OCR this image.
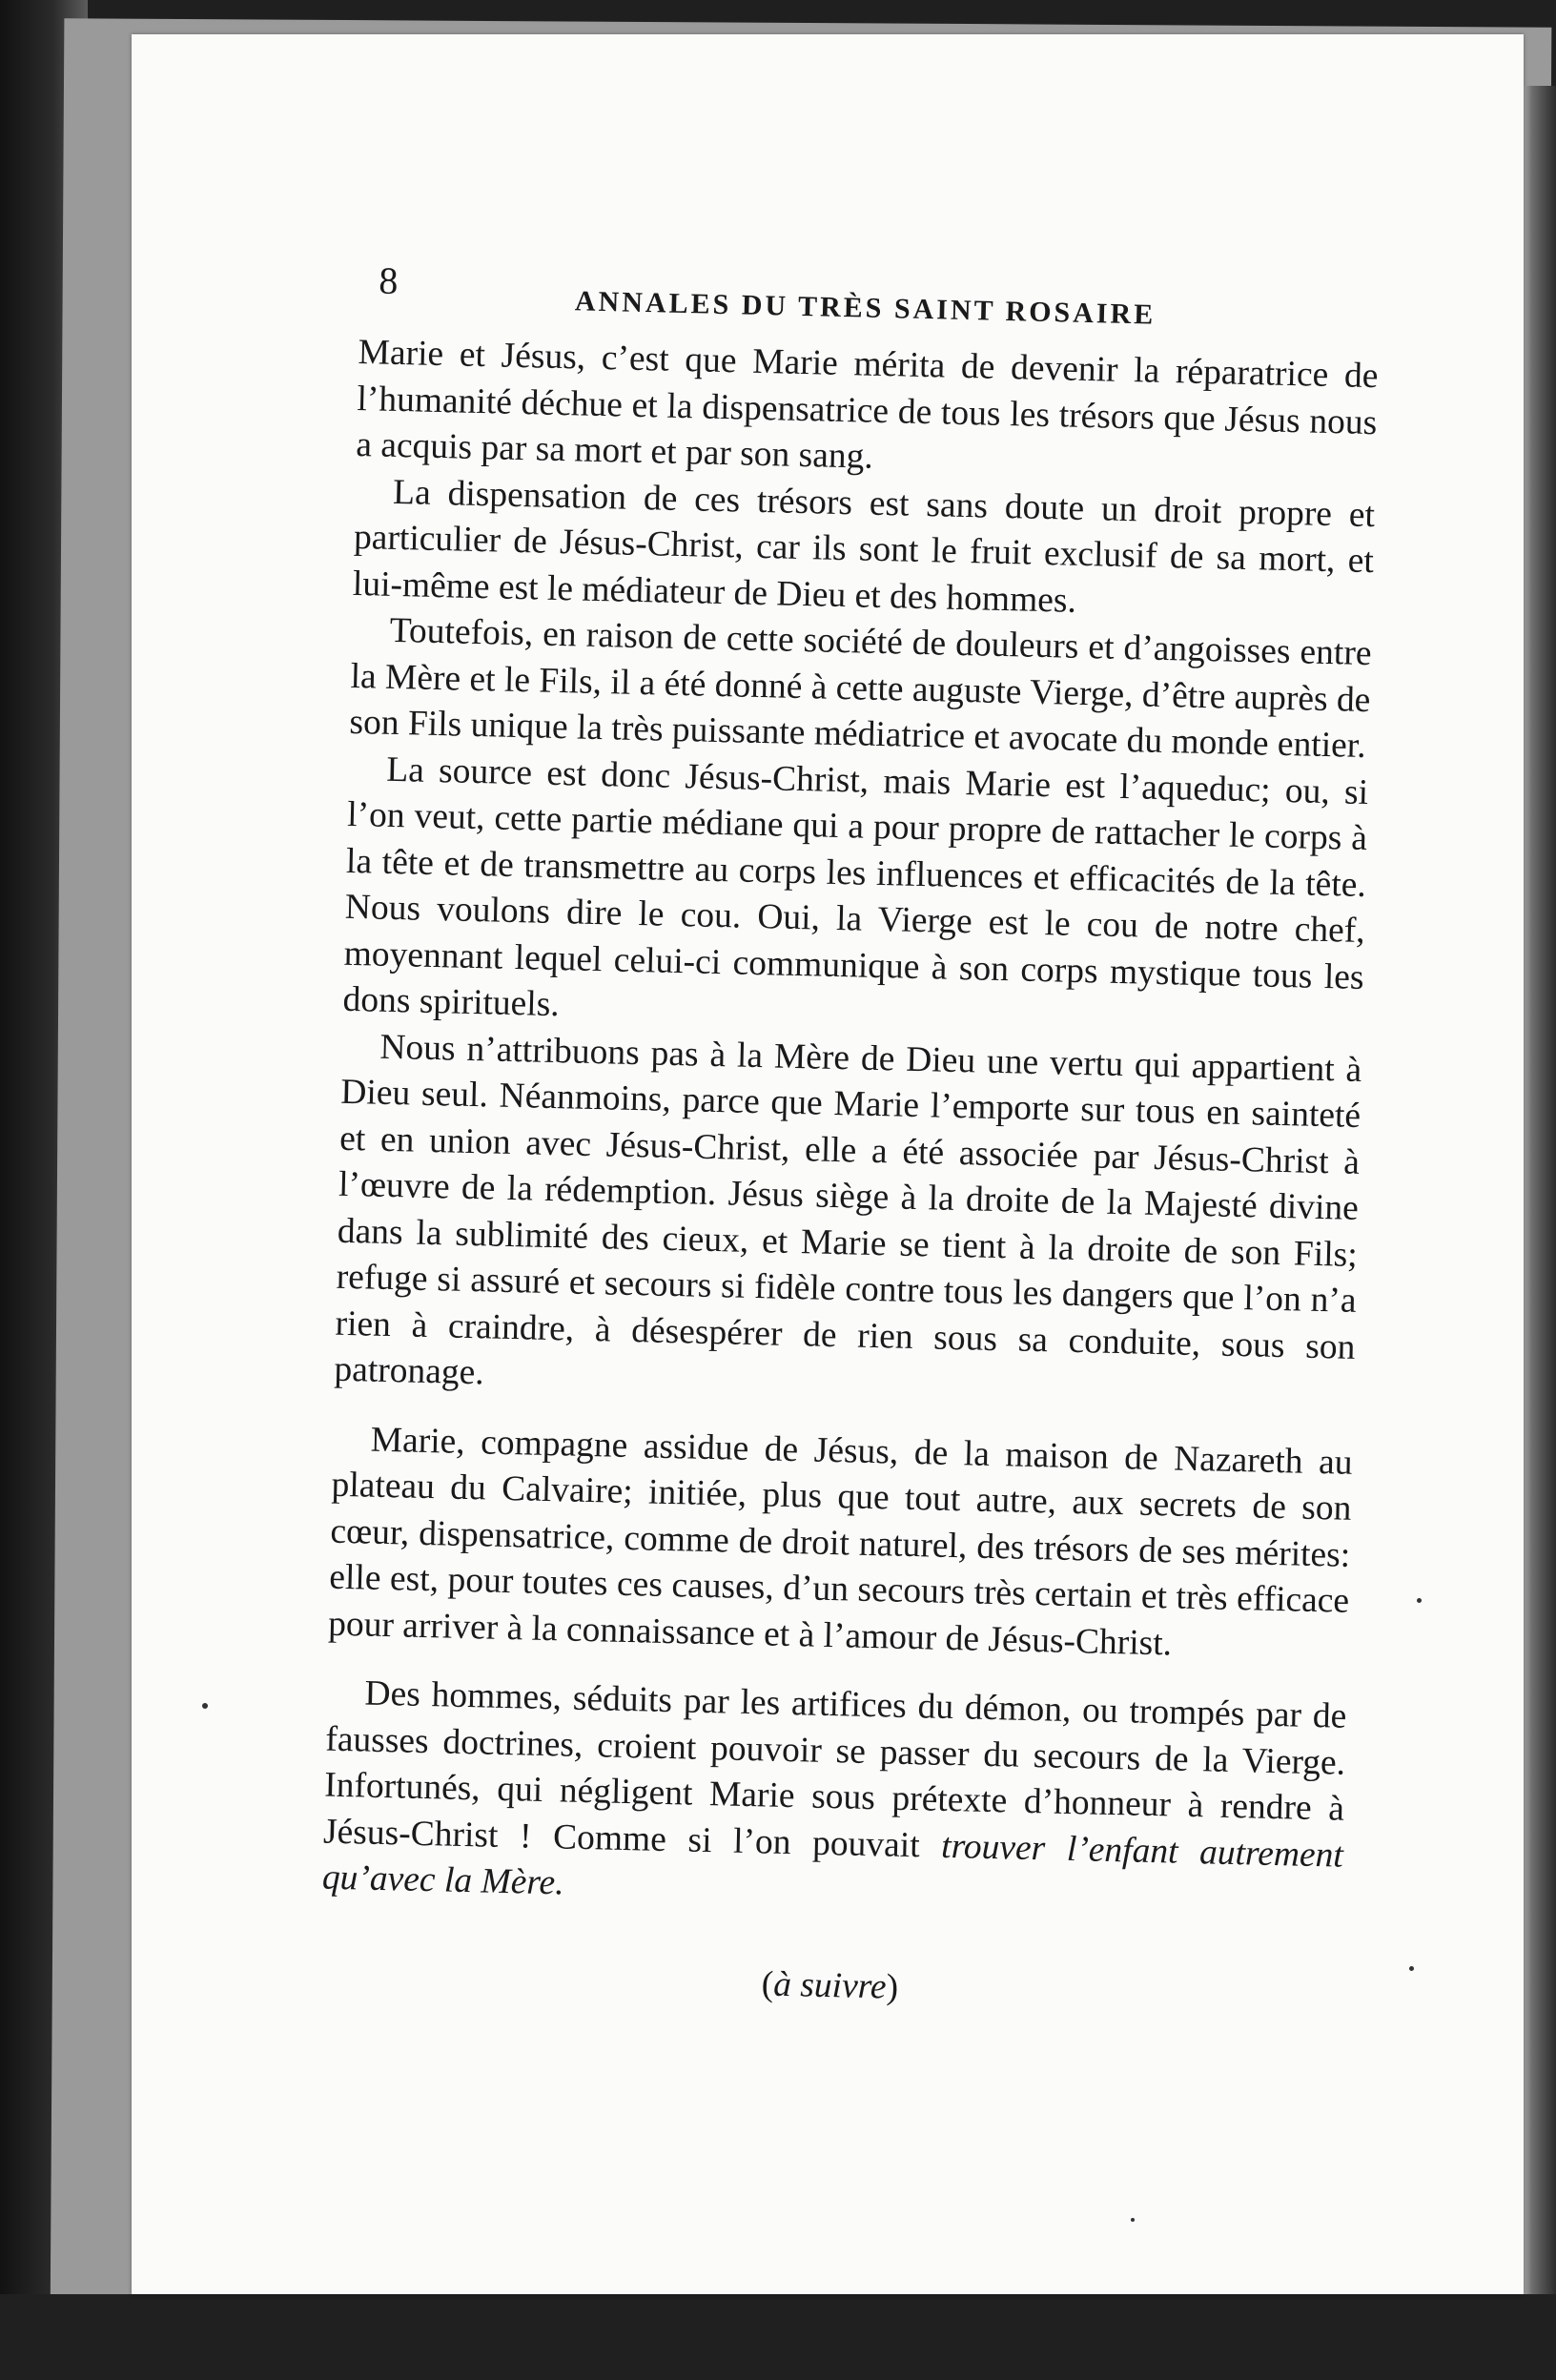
8
ANNALES DU TRÈS SAINT ROSAIRE

Marie et Jésus, c’est que Marie mérita de devenir la réparatrice de l’humanité déchue et la dispensatrice de tous les trésors que Jésus nous a acquis par sa mort et par son sang.

La dispensation de ces trésors est sans doute un droit propre et particulier de Jésus-Christ, car ils sont le fruit exclusif de sa mort, et lui-même est le médiateur de Dieu et des hommes.

Toutefois, en raison de cette société de douleurs et d’angoisses entre la Mère et le Fils, il a été donné à cette auguste Vierge, d’être auprès de son Fils unique la très puissante médiatrice et avocate du monde entier.

La source est donc Jésus-Christ, mais Marie est l’aqueduc; ou, si l’on veut, cette partie médiane qui a pour propre de rattacher le corps à la tête et de transmettre au corps les influences et efficacités de la tête. Nous voulons dire le cou. Oui, la Vierge est le cou de notre chef, moyennant lequel celui-ci communique à son corps mystique tous les dons spirituels.

Nous n’attribuons pas à la Mère de Dieu une vertu qui appartient à Dieu seul. Néanmoins, parce que Marie l’emporte sur tous en sainteté et en union avec Jésus-Christ, elle a été associée par Jésus-Christ à l’œuvre de la rédemption. Jésus siège à la droite de la Majesté divine dans la sublimité des cieux, et Marie se tient à la droite de son Fils; refuge si assuré et secours si fidèle contre tous les dangers que l’on n’a rien à craindre, à désespérer de rien sous sa conduite, sous son patronage.

Marie, compagne assidue de Jésus, de la maison de Nazareth au plateau du Calvaire; initiée, plus que tout autre, aux secrets de son cœur, dispensatrice, comme de droit naturel, des trésors de ses mérites: elle est, pour toutes ces causes, d’un secours très certain et très efficace pour arriver à la connaissance et à l’amour de Jésus-Christ.

Des hommes, séduits par les artifices du démon, ou trompés par de fausses doctrines, croient pouvoir se passer du secours de la Vierge. Infortunés, qui négligent Marie sous prétexte d’honneur à rendre à Jésus-Christ ! Comme si l’on pouvait trouver l’enfant autrement qu’avec la Mère.

(à suivre)
